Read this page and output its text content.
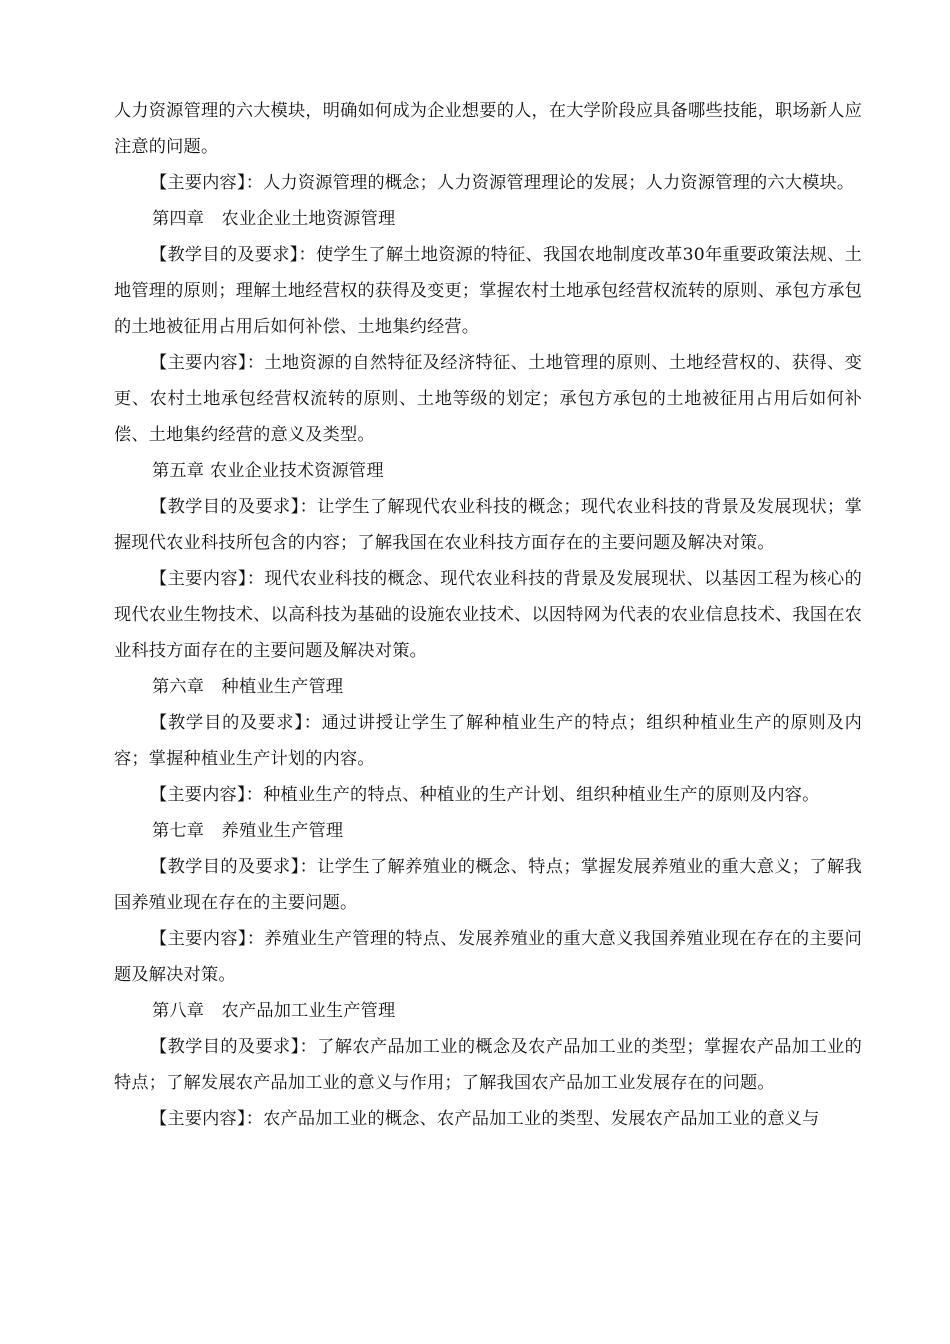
人力资源管理的六大模块，明确如何成为企业想要的人，在大学阶段应具备哪些技能，职场新人应注意的问题。

【主要内容】：人力资源管理的概念；人力资源管理理论的发展；人力资源管理的六大模块。

第四章　农业企业土地资源管理

【教学目的及要求】：使学生了解土地资源的特征、我国农地制度改革30年重要政策法规、土地管理的原则；理解土地经营权的获得及变更；掌握农村土地承包经营权流转的原则、承包方承包的土地被征用占用后如何补偿、土地集约经营。

【主要内容】：土地资源的自然特征及经济特征、土地管理的原则、土地经营权的、获得、变更、农村土地承包经营权流转的原则、土地等级的划定；承包方承包的土地被征用占用后如何补偿、土地集约经营的意义及类型。

第五章 农业企业技术资源管理

【教学目的及要求】：让学生了解现代农业科技的概念；现代农业科技的背景及发展现状；掌握现代农业科技所包含的内容；了解我国在农业科技方面存在的主要问题及解决对策。

【主要内容】：现代农业科技的概念、现代农业科技的背景及发展现状、以基因工程为核心的现代农业生物技术、以高科技为基础的设施农业技术、以因特网为代表的农业信息技术、我国在农业科技方面存在的主要问题及解决对策。

第六章　种植业生产管理

【教学目的及要求】：通过讲授让学生了解种植业生产的特点；组织种植业生产的原则及内容；掌握种植业生产计划的内容。

【主要内容】：种植业生产的特点、种植业的生产计划、组织种植业生产的原则及内容。

第七章　养殖业生产管理

【教学目的及要求】：让学生了解养殖业的概念、特点；掌握发展养殖业的重大意义；了解我国养殖业现在存在的主要问题。

【主要内容】：养殖业生产管理的特点、发展养殖业的重大意义我国养殖业现在存在的主要问题及解决对策。

第八章　农产品加工业生产管理

【教学目的及要求】：了解农产品加工业的概念及农产品加工业的类型；掌握农产品加工业的特点；了解发展农产品加工业的意义与作用；了解我国农产品加工业发展存在的问题。

【主要内容】：农产品加工业的概念、农产品加工业的类型、发展农产品加工业的意义与
